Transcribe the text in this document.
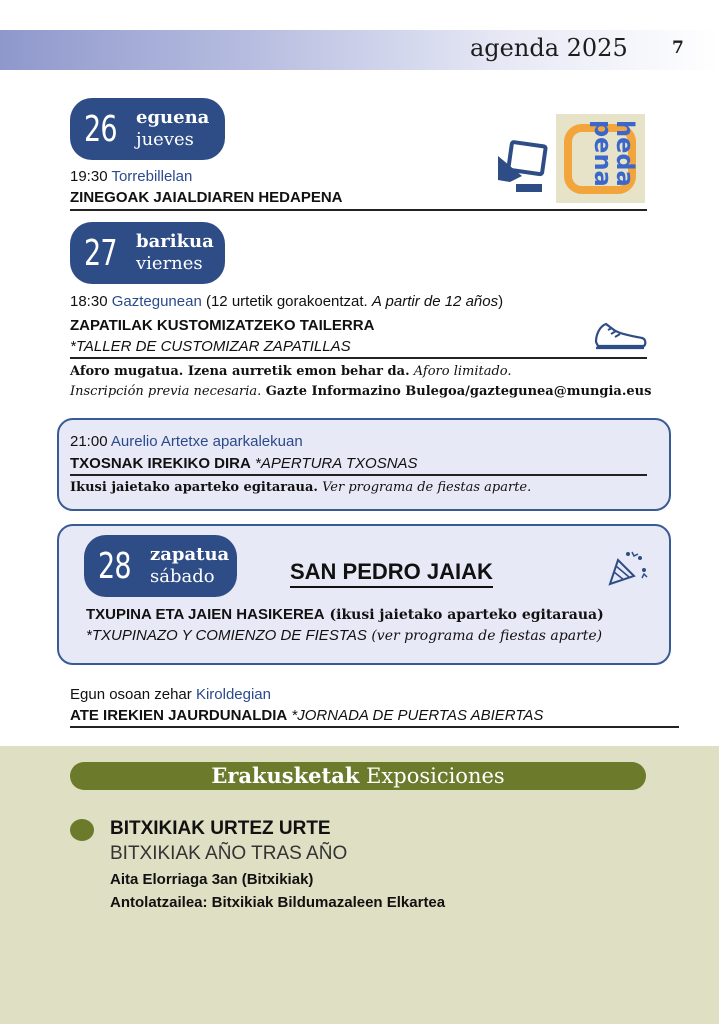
agenda 2025	7
26 eguena
jueves
19:30 Torrebillelan
ZINEGOAK JAIALDIAREN HEDAPENA
hedapena
27 barikua
viernes
18:30 Gaztegunean (12 urtetik gorakoentzat. A partir de 12 años)
ZAPATILAK KUSTOMIZATZEKO TAILERRA
*TALLER DE CUSTOMIZAR ZAPATILLAS
Aforo mugatua. Izena aurretik emon behar da. Aforo limitado.
Inscripción previa necesaria. Gazte Informazino Bulegoa/gaztegunea@mungia.eus
21:00 Aurelio Artetxe aparkalekuan
TXOSNAK IREKIKO DIRA *APERTURA TXOSNAS
Ikusi jaietako aparteko egitaraua. Ver programa de fiestas aparte.
28 zapatua
sábado	SAN PEDRO JAIAK
TXUPINA ETA JAIEN HASIKEREA (ikusi jaietako aparteko egitaraua)
*TXUPINAZO Y COMIENZO DE FIESTAS (ver programa de fiestas aparte)
Egun osoan zehar Kiroldegian
ATE IREKIEN JAURDUNALDIA *JORNADA DE PUERTAS ABIERTAS
Erakusketak Exposiciones
BITXIKIAK URTEZ URTE
BITXIKIAK AÑO TRAS AÑO
Aita Elorriaga 3an (Bitxikiak)
Antolatzailea: Bitxikiak Bildumazaleen Elkartea
